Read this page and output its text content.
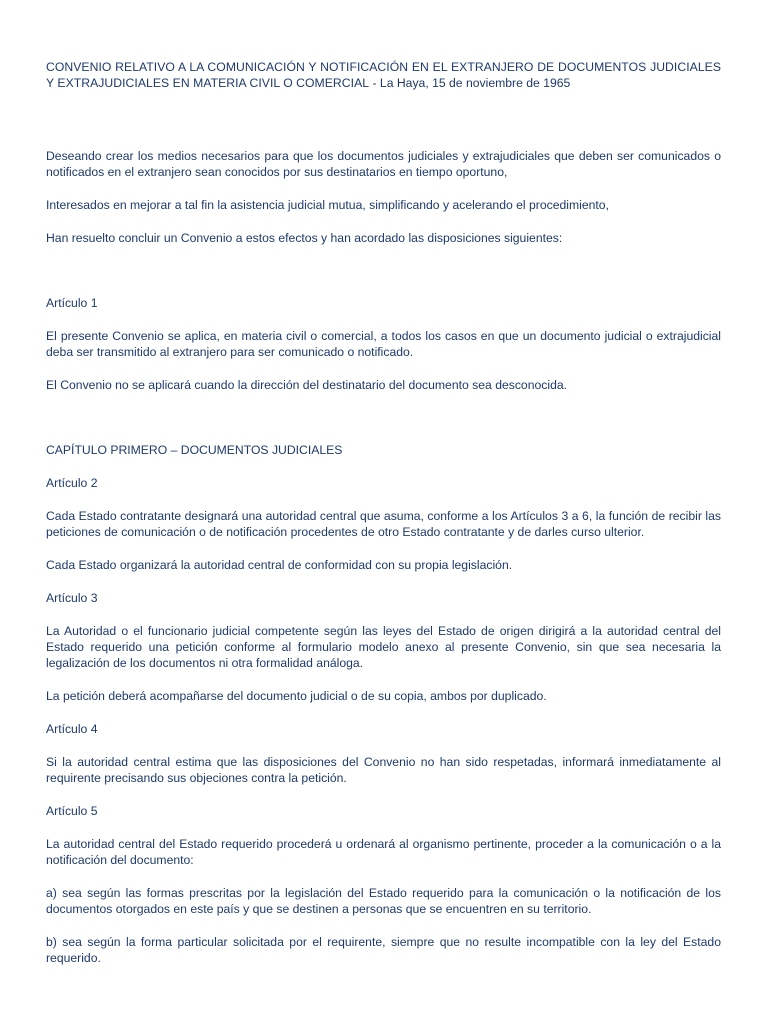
CONVENIO RELATIVO A LA COMUNICACIÓN Y NOTIFICACIÓN EN EL EXTRANJERO DE DOCUMENTOS JUDICIALES Y EXTRAJUDICIALES EN MATERIA CIVIL O COMERCIAL - La Haya, 15 de noviembre de 1965

Deseando crear los medios necesarios para que los documentos judiciales y extrajudiciales que deben ser comunicados o notificados en el extranjero sean conocidos por sus destinatarios en tiempo oportuno,

Interesados en mejorar a tal fin la asistencia judicial mutua, simplificando y acelerando el procedimiento,

Han resuelto concluir un Convenio a estos efectos y han acordado las disposiciones siguientes:

Artículo 1

El presente Convenio se aplica, en materia civil o comercial, a todos los casos en que un documento judicial o extrajudicial deba ser transmitido al extranjero para ser comunicado o notificado.

El Convenio no se aplicará cuando la dirección del destinatario del documento sea desconocida.

CAPÍTULO PRIMERO – DOCUMENTOS JUDICIALES
Artículo 2

Cada Estado contratante designará una autoridad central que asuma, conforme a los Artículos 3 a 6, la función de recibir las peticiones de comunicación o de notificación procedentes de otro Estado contratante y de darles curso ulterior.

Cada Estado organizará la autoridad central de conformidad con su propia legislación.

Artículo 3

La Autoridad o el funcionario judicial competente según las leyes del Estado de origen dirigirá a la autoridad central del Estado requerido una petición conforme al formulario modelo anexo al presente Convenio, sin que sea necesaria la legalización de los documentos ni otra formalidad análoga.

La petición deberá acompañarse del documento judicial o de su copia, ambos por duplicado.

Artículo 4

Si la autoridad central estima que las disposiciones del Convenio no han sido respetadas, informará inmediatamente al requirente precisando sus objeciones contra la petición.

Artículo 5

La autoridad central del Estado requerido procederá u ordenará al organismo pertinente, proceder a la comunicación o a la notificación del documento:

a) sea según las formas prescritas por la legislación del Estado requerido para la comunicación o la notificación de los documentos otorgados en este país y que se destinen a personas que se encuentren en su territorio.

b) sea según la forma particular solicitada por el requirente, siempre que no resulte incompatible con la ley del Estado requerido.
